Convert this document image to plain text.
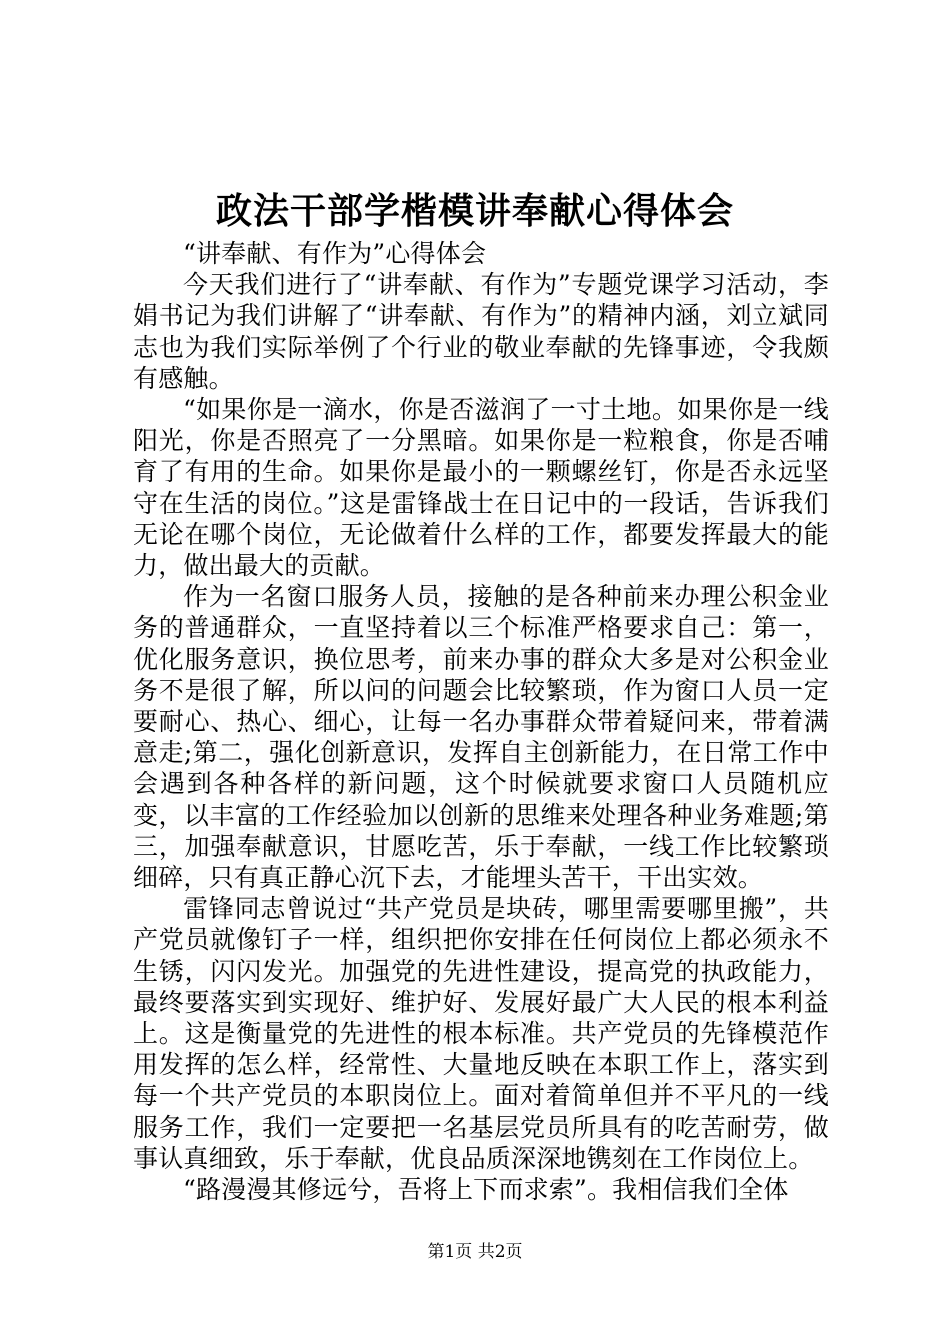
政法干部学楷模讲奉献心得体会

“讲奉献、有作为”心得体会

今天我们进行了“讲奉献、有作为”专题党课学习活动，李娟书记为我们讲解了“讲奉献、有作为”的精神内涵，刘立斌同志也为我们实际举例了个行业的敬业奉献的先锋事迹，令我颇有感触。

“如果你是一滴水，你是否滋润了一寸土地。如果你是一线阳光，你是否照亮了一分黑暗。如果你是一粒粮食，你是否哺育了有用的生命。如果你是最小的一颗螺丝钉，你是否永远坚守在生活的岗位。”这是雷锋战士在日记中的一段话，告诉我们无论在哪个岗位，无论做着什么样的工作，都要发挥最大的能力，做出最大的贡献。

作为一名窗口服务人员，接触的是各种前来办理公积金业务的普通群众，一直坚持着以三个标准严格要求自己：第一，优化服务意识，换位思考，前来办事的群众大多是对公积金业务不是很了解，所以问的问题会比较繁琐，作为窗口人员一定要耐心、热心、细心，让每一名办事群众带着疑问来，带着满意走;第二，强化创新意识，发挥自主创新能力，在日常工作中会遇到各种各样的新问题，这个时候就要求窗口人员随机应变，以丰富的工作经验加以创新的思维来处理各种业务难题;第三，加强奉献意识，甘愿吃苦，乐于奉献，一线工作比较繁琐细碎，只有真正静心沉下去，才能埋头苦干，干出实效。

雷锋同志曾说过“共产党员是块砖，哪里需要哪里搬”，共产党员就像钉子一样，组织把你安排在任何岗位上都必须永不生锈，闪闪发光。加强党的先进性建设，提高党的执政能力，最终要落实到实现好、维护好、发展好最广大人民的根本利益上。这是衡量党的先进性的根本标准。共产党员的先锋模范作用发挥的怎么样，经常性、大量地反映在本职工作上，落实到每一个共产党员的本职岗位上。面对着简单但并不平凡的一线服务工作，我们一定要把一名基层党员所具有的吃苦耐劳，做事认真细致，乐于奉献，优良品质深深地镌刻在工作岗位上。

“路漫漫其修远兮，吾将上下而求索”。我相信我们全体

第1页 共2页
